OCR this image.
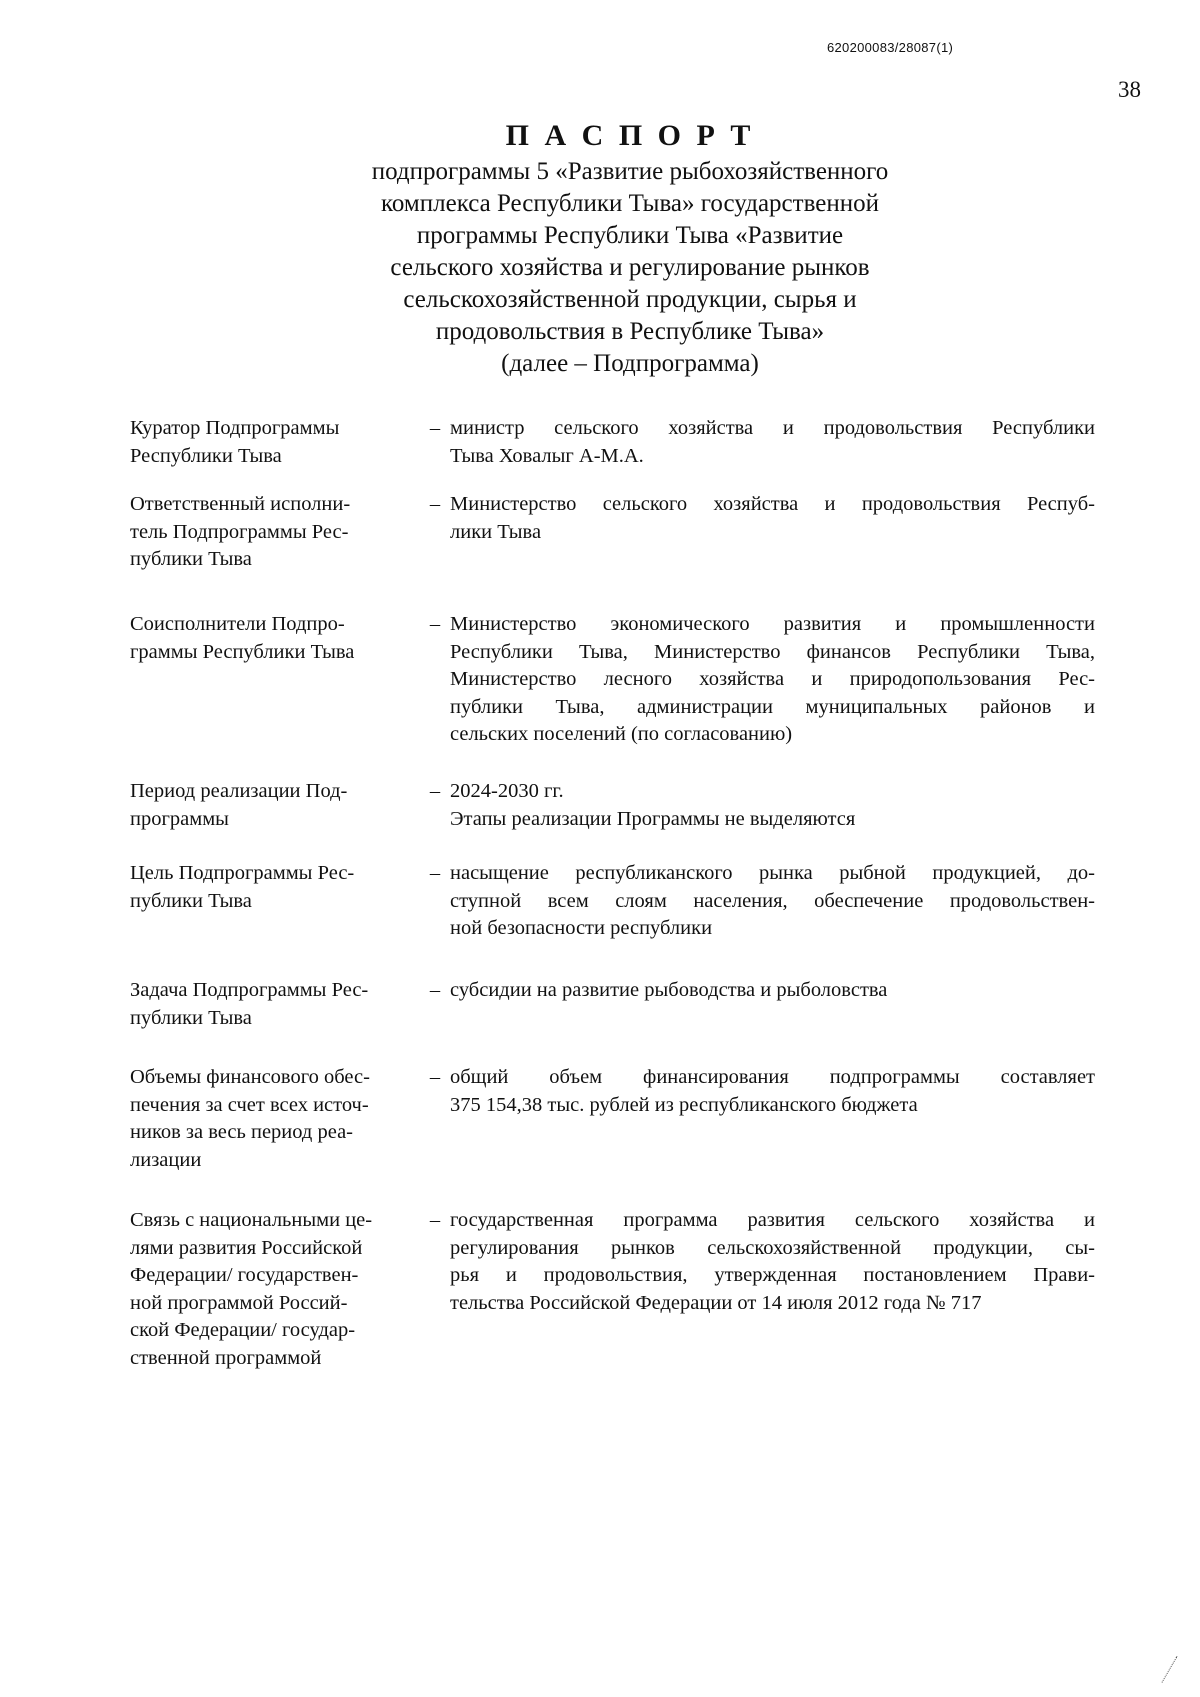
620200083/28087(1)
38
П А С П О Р Т
подпрограммы 5 «Развитие рыбохозяйственного
комплекса Республики Тыва» государственной
программы Республики Тыва «Развитие
сельского хозяйства и регулирование рынков
сельскохозяйственной продукции, сырья и
продовольствия в Республике Тыва»
(далее – Подпрограмма)
Куратор Подпрограммы
Республики Тыва
– министр сельского хозяйства и продовольствия Республики
Тыва Ховалыг А-М.А.
Ответственный исполни-
тель Подпрограммы Рес-
публики Тыва
– Министерство сельского хозяйства и продовольствия Респуб-
лики Тыва
Соисполнители Подпро-
граммы Республики Тыва
– Министерство экономического развития и промышленности
Республики Тыва, Министерство финансов Республики Тыва,
Министерство лесного хозяйства и природопользования Рес-
публики Тыва, администрации муниципальных районов и
сельских поселений (по согласованию)
Период реализации Под-
программы
– 2024-2030 гг.
Этапы реализации Программы не выделяются
Цель Подпрограммы Рес-
публики Тыва
– насыщение республиканского рынка рыбной продукцией, до-
ступной всем слоям населения, обеспечение продовольствен-
ной безопасности республики
Задача Подпрограммы Рес-
публики Тыва
– субсидии на развитие рыбоводства и рыболовства
Объемы финансового обес-
печения за счет всех источ-
ников за весь период реа-
лизации
– общий объем финансирования подпрограммы составляет
375 154,38 тыс. рублей из республиканского бюджета
Связь с национальными це-
лями развития Российской
Федерации/ государствен-
ной программой Россий-
ской Федерации/ государ-
ственной программой
– государственная программа развития сельского хозяйства и
регулирования рынков сельскохозяйственной продукции, сы-
рья и продовольствия, утвержденная постановлением Прави-
тельства Российской Федерации от 14 июля 2012 года № 717
